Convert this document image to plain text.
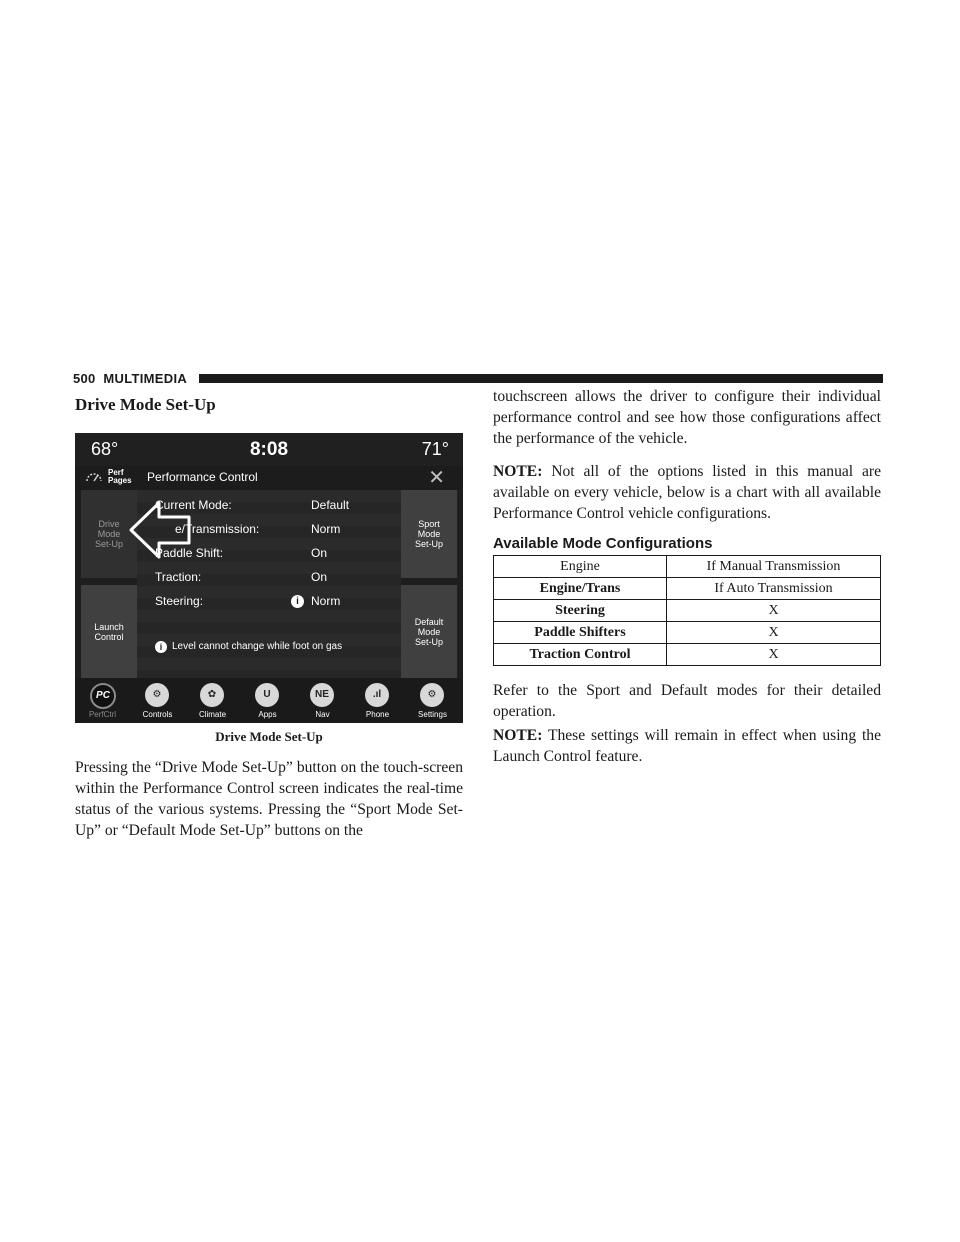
500 MULTIMEDIA
Drive Mode Set-Up
68°	8:08	71°
Perf Pages	Performance Control	✕
Drive
Mode
Set-Up
Launch
Control
Sport
Mode
Set-Up
Default
Mode
Set-Up
Current Mode:	Default
e/Transmission:	Norm
Paddle Shift:	On
Traction:	On
Steering:	i	Norm
i Level cannot change while foot on gas
PC
PerfCtrl
⚙
Controls
✿
Climate
U
Apps
NE
Nav
.ıl
Phone
⚙
Settings
Drive Mode Set-Up

Pressing the “Drive Mode Set-Up” button on the touch-screen within the Performance Control screen indicates the real-time status of the various systems. Pressing the “Sport Mode Set-Up” or “Default Mode Set-Up” buttons on the

touchscreen allows the driver to configure their individual performance control and see how those configurations affect the performance of the vehicle.

NOTE: Not all of the options listed in this manual are available on every vehicle, below is a chart with all available Performance Control vehicle configurations.

Available Mode Configurations
Engine	If Manual Transmission
Engine/Trans	If Auto Transmission
Steering	X
Paddle Shifters	X
Traction Control	X

Refer to the Sport and Default modes for their detailed operation.

NOTE: These settings will remain in effect when using the Launch Control feature.
